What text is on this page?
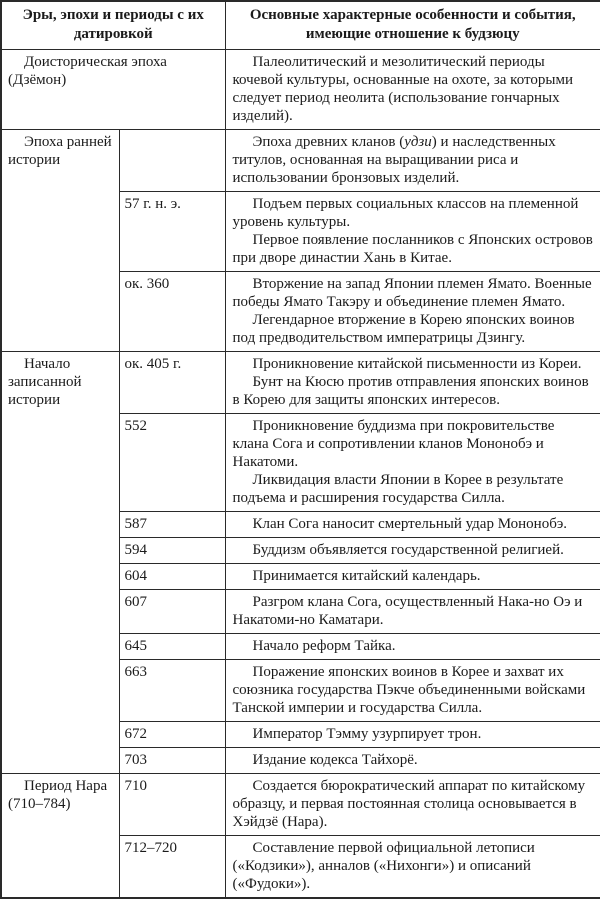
Эры, эпохи и периоды с их датировкой		Основные характерные особенности и события, имеющие отношение к будзюцу

Доисторическая эпоха (Дзёмон)		Палеолитический и мезолитический периоды кочевой культуры, основанные на охоте, за которыми следует период неолита (использование гончарных изделий).

Эпоха ранней истории		Эпоха древних кланов (удзи) и наследственных титулов, основанная на выращивании риса и использовании бронзовых изделий.

	57 г. н. э.	Подъем первых социальных классов на племенной уровень культуры.

Первое появление посланников с Японских островов при дворе династии Хань в Китае.

	ок. 360	Вторжение на запад Японии племен Ямато. Военные победы Ямато Такэру и объединение племен Ямато.

Легендарное вторжение в Корею японских воинов под предводительством императрицы Дзингу.

Начало записанной истории	ок. 405 г.	Проникновение китайской письменности из Кореи.

Бунт на Кюсю против отправления японских воинов в Корею для защиты японских интересов.

	552	Проникновение буддизма при покровительстве клана Сога и сопротивлении кланов Мононобэ и Накатоми.

Ликвидация власти Японии в Корее в результате подъема и расширения государства Силла.

	587	Клан Сога наносит смертельный удар Мононобэ.

	594	Буддизм объявляется государственной религией.

	604	Принимается китайский календарь.

	607	Разгром клана Сога, осуществленный Нака-но Оэ и Накатоми-но Каматари.

	645	Начало реформ Тайка.

	663	Поражение японских воинов в Корее и захват их союзника государства Пэкче объединенными войсками Танской империи и государства Силла.

	672	Император Тэмму узурпирует трон.

	703	Издание кодекса Тайхорё.

Период Нара (710–784)	710	Создается бюрократический аппарат по китайскому образцу, и первая постоянная столица основывается в Хэйдзё (Нара).

	712–720	Составление первой официальной летописи («Кодзики»), анналов («Нихонги») и описаний («Фудоки»).
